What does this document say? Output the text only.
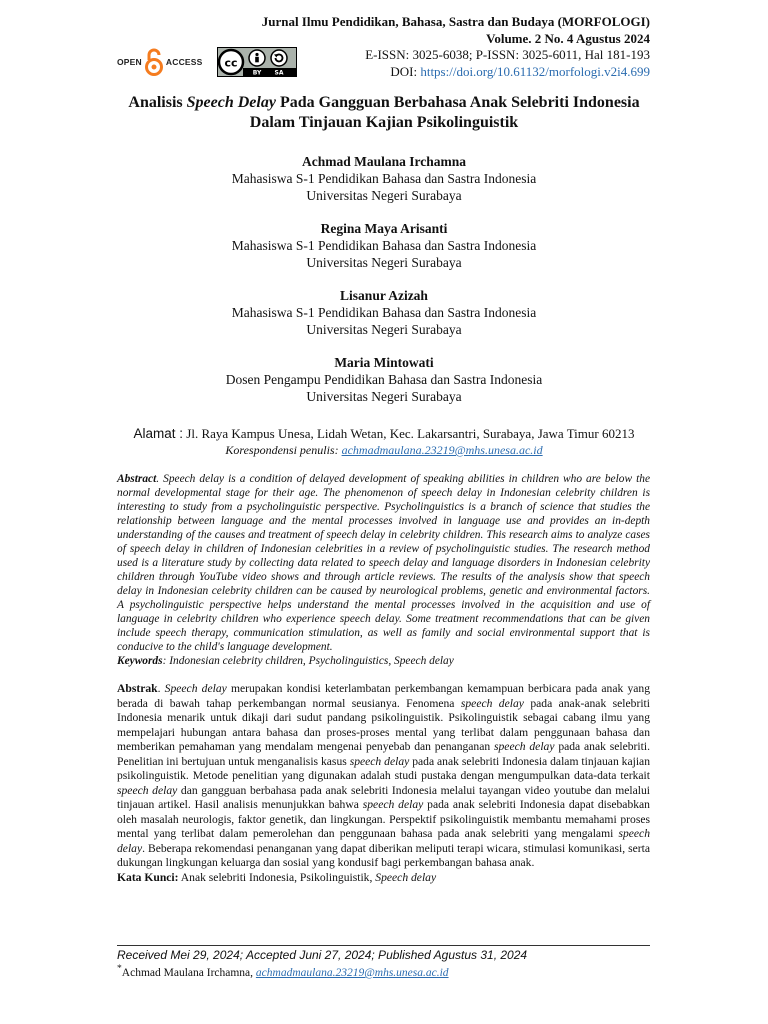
OPEN	ACCESS cc
BY SA
Jurnal Ilmu Pendidikan, Bahasa, Sastra dan Budaya (MORFOLOGI)
Volume. 2 No. 4 Agustus 2024
E-ISSN: 3025-6038; P-ISSN: 3025-6011, Hal 181-193
DOI: https://doi.org/10.61132/morfologi.v2i4.699
Analisis Speech Delay Pada Gangguan Berbahasa Anak Selebriti Indonesia
Dalam Tinjauan Kajian Psikolinguistik
Achmad Maulana Irchamna
Mahasiswa S-1 Pendidikan Bahasa dan Sastra Indonesia
Universitas Negeri Surabaya
Regina Maya Arisanti
Mahasiswa S-1 Pendidikan Bahasa dan Sastra Indonesia
Universitas Negeri Surabaya
Lisanur Azizah
Mahasiswa S-1 Pendidikan Bahasa dan Sastra Indonesia
Universitas Negeri Surabaya
Maria Mintowati
Dosen Pengampu Pendidikan Bahasa dan Sastra Indonesia
Universitas Negeri Surabaya
Alamat : Jl. Raya Kampus Unesa, Lidah Wetan, Kec. Lakarsantri, Surabaya, Jawa Timur 60213
Korespondensi penulis: achmadmaulana.23219@mhs.unesa.ac.id
Abstract. Speech delay is a condition of delayed development of speaking abilities in children who are below the normal developmental stage for their age. The phenomenon of speech delay in Indonesian celebrity children is interesting to study from a psycholinguistic perspective. Psycholinguistics is a branch of science that studies the relationship between language and the mental processes involved in language use and provides an in-depth understanding of the causes and treatment of speech delay in celebrity children. This research aims to analyze cases of speech delay in children of Indonesian celebrities in a review of psycholinguistic studies. The research method used is a literature study by collecting data related to speech delay and language disorders in Indonesian celebrity children through YouTube video shows and through article reviews. The results of the analysis show that speech delay in Indonesian celebrity children can be caused by neurological problems, genetic and environmental factors. A psycholinguistic perspective helps understand the mental processes involved in the acquisition and use of language in celebrity children who experience speech delay. Some treatment recommendations that can be given include speech therapy, communication stimulation, as well as family and social environmental support that is conducive to the child's language development.
Keywords: Indonesian celebrity children, Psycholinguistics, Speech delay
Abstrak. Speech delay merupakan kondisi keterlambatan perkembangan kemampuan berbicara pada anak yang berada di bawah tahap perkembangan normal seusianya. Fenomena speech delay pada anak-anak selebriti Indonesia menarik untuk dikaji dari sudut pandang psikolinguistik. Psikolinguistik sebagai cabang ilmu yang mempelajari hubungan antara bahasa dan proses-proses mental yang terlibat dalam penggunaan bahasa dan memberikan pemahaman yang mendalam mengenai penyebab dan penanganan speech delay pada anak selebriti. Penelitian ini bertujuan untuk menganalisis kasus speech delay pada anak selebriti Indonesia dalam tinjauan kajian psikolinguistik. Metode penelitian yang digunakan adalah studi pustaka dengan mengumpulkan data-data terkait speech delay dan gangguan berbahasa pada anak selebriti Indonesia melalui tayangan video youtube dan melalui tinjauan artikel. Hasil analisis menunjukkan bahwa speech delay pada anak selebriti Indonesia dapat disebabkan oleh masalah neurologis, faktor genetik, dan lingkungan. Perspektif psikolinguistik membantu memahami proses mental yang terlibat dalam pemerolehan dan penggunaan bahasa pada anak selebriti yang mengalami speech delay. Beberapa rekomendasi penanganan yang dapat diberikan meliputi terapi wicara, stimulasi komunikasi, serta dukungan lingkungan keluarga dan sosial yang kondusif bagi perkembangan bahasa anak.
Kata Kunci: Anak selebriti Indonesia, Psikolinguistik, Speech delay
Received Mei 29, 2024; Accepted Juni 27, 2024; Published Agustus 31, 2024
*Achmad Maulana Irchamna, achmadmaulana.23219@mhs.unesa.ac.id
